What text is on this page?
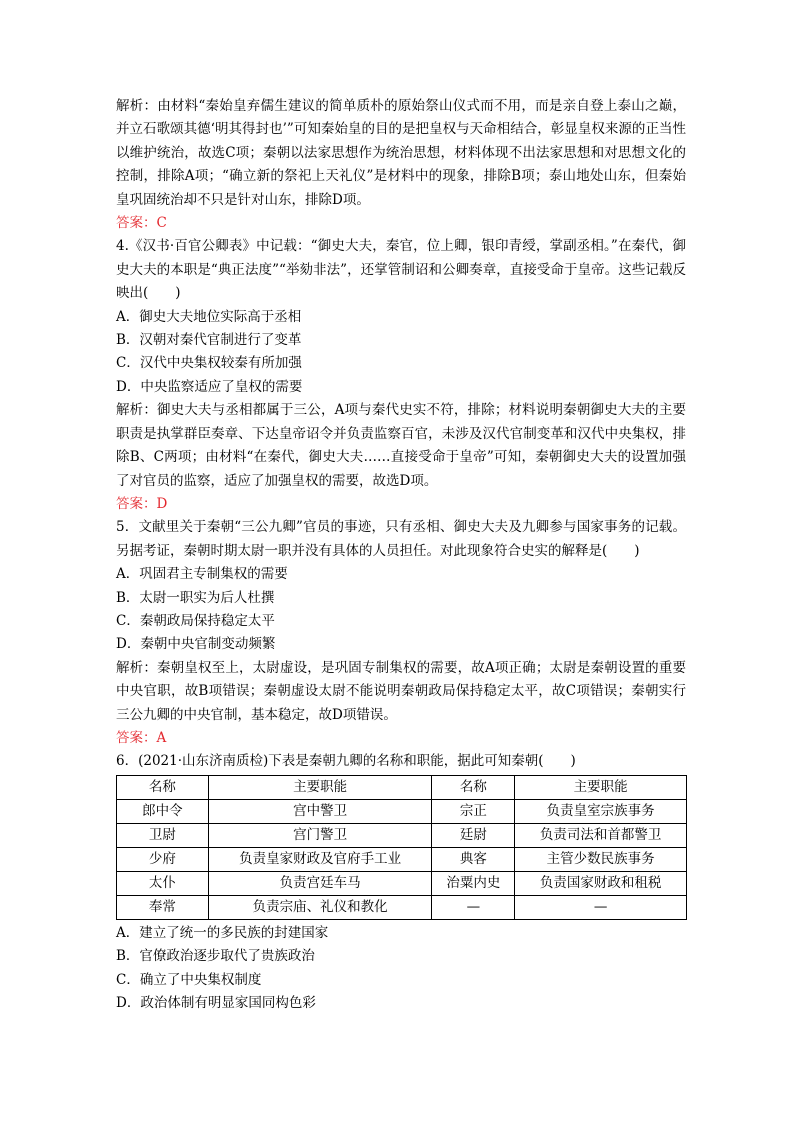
解析：由材料“秦始皇弃儒生建议的简单质朴的原始祭山仪式而不用，而是亲自登上泰山之巅，并立石歌颂其德‘明其得封也’”可知秦始皇的目的是把皇权与天命相结合，彰显皇权来源的正当性以维护统治，故选C项；秦朝以法家思想作为统治思想，材料体现不出法家思想和对思想文化的控制，排除A项；“确立新的祭祀上天礼仪”是材料中的现象，排除B项；泰山地处山东，但秦始皇巩固统治却不只是针对山东，排除D项。

答案：C

4.《汉书·百官公卿表》中记载：“御史大夫，秦官，位上卿，银印青绶，掌副丞相。”在秦代，御史大夫的本职是“典正法度”“举劾非法”，还掌管制诏和公卿奏章，直接受命于皇帝。这些记载反映出(　　)

A．御史大夫地位实际高于丞相

B．汉朝对秦代官制进行了变革

C．汉代中央集权较秦有所加强

D．中央监察适应了皇权的需要

解析：御史大夫与丞相都属于三公，A项与秦代史实不符，排除；材料说明秦朝御史大夫的主要职责是执掌群臣奏章、下达皇帝诏令并负责监察百官，未涉及汉代官制变革和汉代中央集权，排除B、C两项；由材料“在秦代，御史大夫……直接受命于皇帝”可知，秦朝御史大夫的设置加强了对官员的监察，适应了加强皇权的需要，故选D项。

答案：D

5．文献里关于秦朝“三公九卿”官员的事迹，只有丞相、御史大夫及九卿参与国家事务的记载。另据考证，秦朝时期太尉一职并没有具体的人员担任。对此现象符合史实的解释是(　　)

A．巩固君主专制集权的需要

B．太尉一职实为后人杜撰

C．秦朝政局保持稳定太平

D．秦朝中央官制变动频繁

解析：秦朝皇权至上，太尉虚设，是巩固专制集权的需要，故A项正确；太尉是秦朝设置的重要中央官职，故B项错误；秦朝虚设太尉不能说明秦朝政局保持稳定太平，故C项错误；秦朝实行三公九卿的中央官制，基本稳定，故D项错误。

答案：A

6．(2021·山东济南质检)下表是秦朝九卿的名称和职能，据此可知秦朝(　　)

名称	主要职能	名称	主要职能
郎中令	宫中警卫	宗正	负责皇室宗族事务
卫尉	宫门警卫	廷尉	负责司法和首都警卫
少府	负责皇家财政及官府手工业	典客	主管少数民族事务
太仆	负责宫廷车马	治粟内史	负责国家财政和租税
奉常	负责宗庙、礼仪和教化	—	—

A．建立了统一的多民族的封建国家

B．官僚政治逐步取代了贵族政治

C．确立了中央集权制度

D．政治体制有明显家国同构色彩
